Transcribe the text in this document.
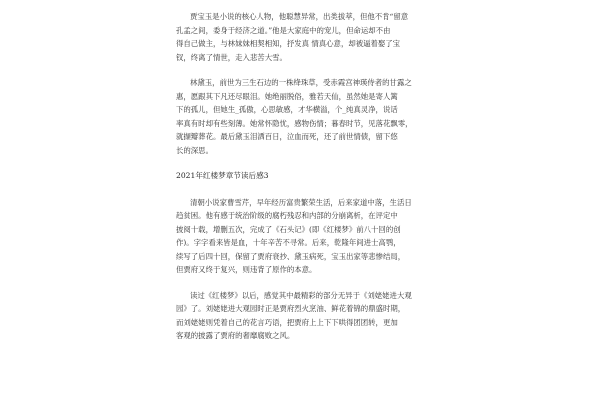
贾宝玉是小说的核心人物，他聪慧异常，出类拔萃，但他不肯“留意
孔孟之间，委身于经济之道。”他是大家庭中的宠儿，但命运却不由
得自己做主，与林妹妹相契相知，抒发真 情真心意，却被逼着娶了宝
钗，终离了情世，走入悲苦大雪。
林黛玉，前世为三生石边的一株绛珠草，受赤霞宫神瑛侍者的甘露之
惠，愿跟其下凡还尽眼泪。她绝丽脱俗，雅若天仙，虽然她是寄人篱
下的孤儿，但她生_孤傲，心思敏感，才华横溢，个_纯真灵净，说话
率真有时却有些刻薄。她常怀隐忧，感物伤情；暮春时节，见落花飘零，
就撷瓣葬花。最后黛玉泪洒百日，泣血而死，还了前世情债，留下悠
长的深思。
2021年红楼梦章节读后感3
清朝小说家曹雪芹，早年经历富贵繁荣生活，后来家道中落，生活日
趋贫困。他有感于统治阶级的腐朽残忍和内部的分崩离析，在评定中
披阅十载，增删五次，完成了《石头记》(即《红楼梦》前八十回的创
作)。字字看来皆是血，十年辛苦不寻常。后来，乾隆年间进士高鹗，
续写了后四十回，保留了贾府衰抄、黛玉病死，宝玉出家等悲惨结局，
但贾府又终于复兴，则违背了原作的本意。
读过《红楼梦》以后，感觉其中最精彩的部分无异于《刘姥姥进大观
园》了。刘姥姥进大观园时正是贾府烈火烹油、鲜花着锦的鼎盛时期，
而刘姥姥则凭着自己的花言巧语，把贾府上上下下哄得团团转，更加
客观的披露了贾府的奢靡腐败之风。
